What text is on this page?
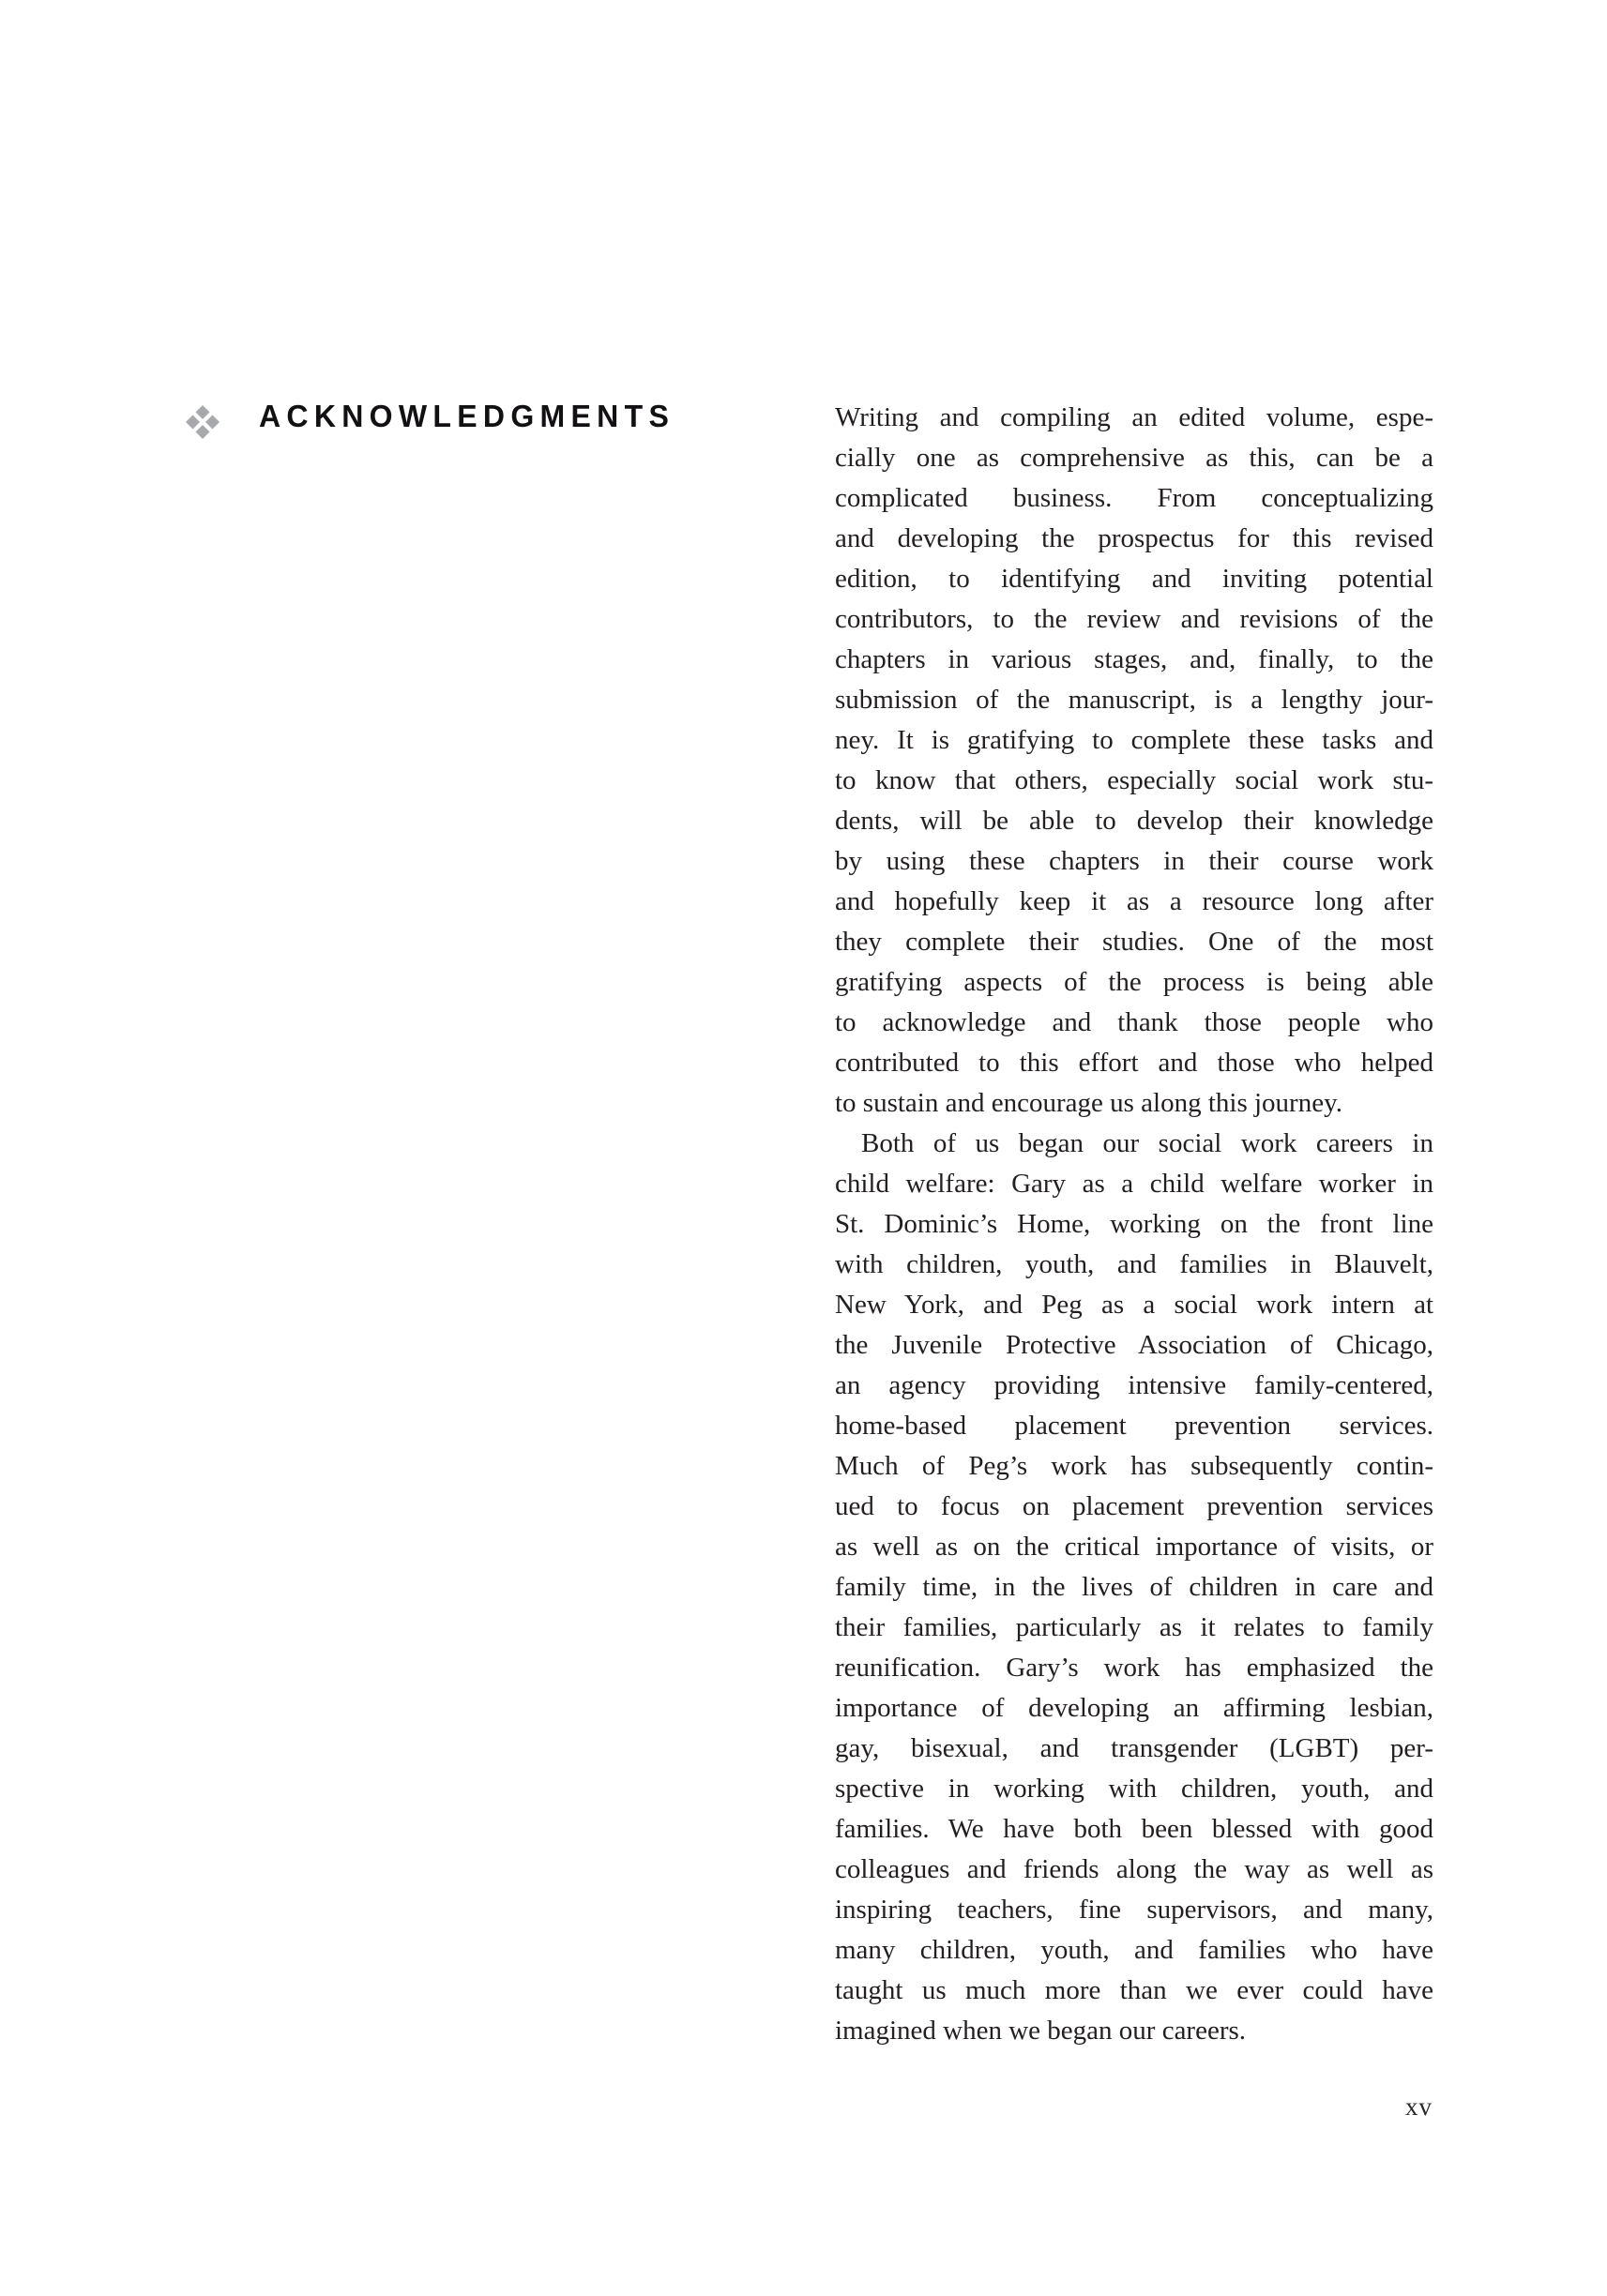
ACKNOWLEDGMENTS	Writing and compiling an edited volume, espe-
cially one as comprehensive as this, can be a
complicated business. From conceptualizing
and developing the prospectus for this revised
edition, to identifying and inviting potential
contributors, to the review and revisions of the
chapters in various stages, and, finally, to the
submission of the manuscript, is a lengthy jour-
ney. It is gratifying to complete these tasks and
to know that others, especially social work stu-
dents, will be able to develop their knowledge
by using these chapters in their course work
and hopefully keep it as a resource long after
they complete their studies. One of the most
gratifying aspects of the process is being able
to acknowledge and thank those people who
contributed to this effort and those who helped
to sustain and encourage us along this journey.
Both of us began our social work careers in
child welfare: Gary as a child welfare worker in
St. Dominic’s Home, working on the front line
with children, youth, and families in Blauvelt,
New York, and Peg as a social work intern at
the Juvenile Protective Association of Chicago,
an agency providing intensive family-centered,
home-based placement prevention services.
Much of Peg’s work has subsequently contin-
ued to focus on placement prevention services
as well as on the critical importance of visits, or
family time, in the lives of children in care and
their families, particularly as it relates to family
reunification. Gary’s work has emphasized the
importance of developing an affirming lesbian,
gay, bisexual, and transgender (LGBT) per-
spective in working with children, youth, and
families. We have both been blessed with good
colleagues and friends along the way as well as
inspiring teachers, fine supervisors, and many,
many children, youth, and families who have
taught us much more than we ever could have
imagined when we began our careers.
xv
